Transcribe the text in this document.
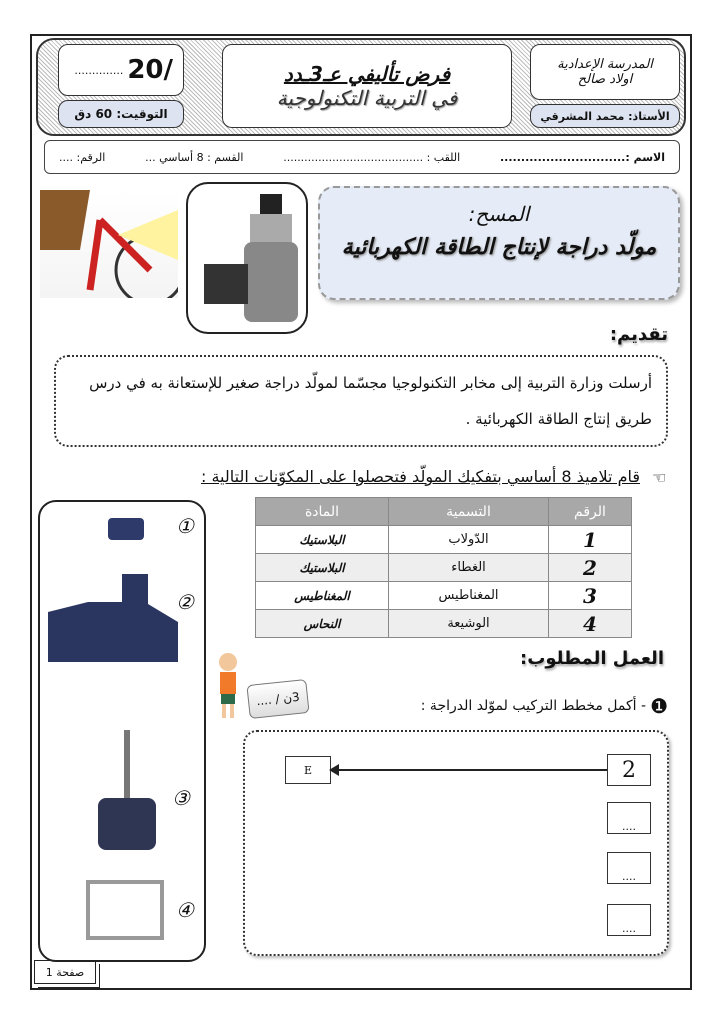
.............. 20/
التوقيت: 60 دق
فرض تأليفي عـ3ـدد
في التربية التكنولوجية
المدرسة الإعدادية
اولاد صالح
الأستاذ: محمد المشرقي
الاسم :..............................
اللقب : ........................................
القسم : 8 أساسي ...
الرقم: ....
المسح:
مولّد دراجة لإنتاج الطاقة الكهربائية
تقديم:
أرسلت وزارة التربية إلى مخابر التكنولوجيا مجسّما لمولّد دراجة صغير للإستعانة به في درس طريق إنتاج الطاقة الكهربائية .
قام تلاميذ 8 أساسي بتفكيك المولّد فتحصلوا على المكوّنات التالية : ☜
①
②
③
④
الرقم	التسمية	المادة
1	الدّولاب	البلاستيك
2	الغطاء	البلاستيك
3	المغناطيس	المغناطيس
4	الوشيعة	النحاس
العمل المطلوب:
3ن / ....	❶
- أكمل مخطط التركيب لموّلد الدراجة :
E	2
....
....
....
صفحة 1
